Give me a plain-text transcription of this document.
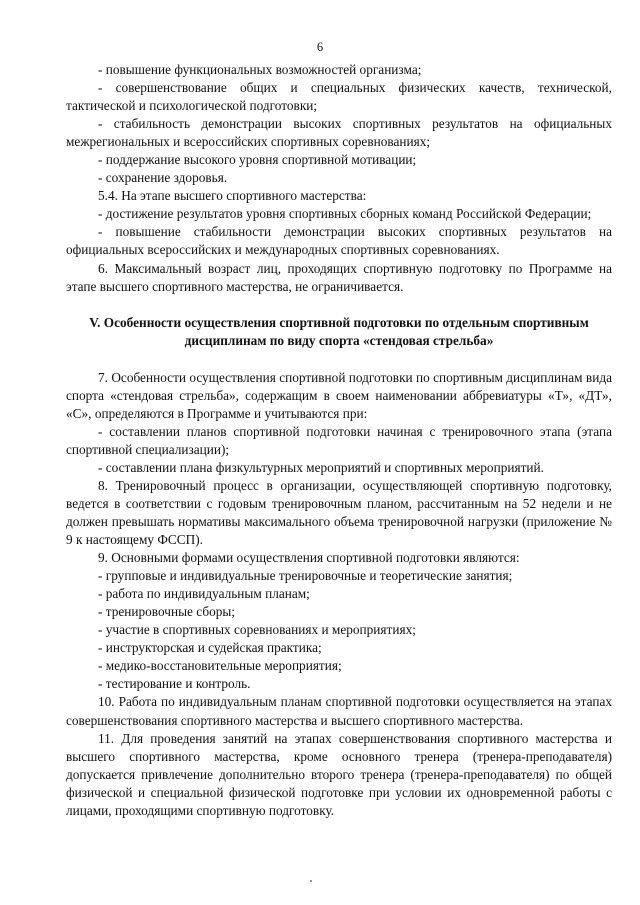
6

- повышение функциональных возможностей организма;

- совершенствование общих и специальных физических качеств, технической, тактической и психологической подготовки;

- стабильность демонстрации высоких спортивных результатов на официальных межрегиональных и всероссийских спортивных соревнованиях;

- поддержание высокого уровня спортивной мотивации;

- сохранение здоровья.

5.4. На этапе высшего спортивного мастерства:

- достижение результатов уровня спортивных сборных команд Российской Федерации;

- повышение стабильности демонстрации высоких спортивных результатов на официальных всероссийских и международных спортивных соревнованиях.

6. Максимальный возраст лиц, проходящих спортивную подготовку по Программе на этапе высшего спортивного мастерства, не ограничивается.

V. Особенности осуществления спортивной подготовки по отдельным спортивным дисциплинам по виду спорта «стендовая стрельба»

7. Особенности осуществления спортивной подготовки по спортивным дисциплинам вида спорта «стендовая стрельба», содержащим в своем наименовании аббревиатуры «Т», «ДТ», «С», определяются в Программе и учитываются при:

- составлении планов спортивной подготовки начиная с тренировочного этапа (этапа спортивной специализации);

- составлении плана физкультурных мероприятий и спортивных мероприятий.

8. Тренировочный процесс в организации, осуществляющей спортивную подготовку, ведется в соответствии с годовым тренировочным планом, рассчитанным на 52 недели и не должен превышать нормативы максимального объема тренировочной нагрузки (приложение № 9 к настоящему ФССП).

9. Основными формами осуществления спортивной подготовки являются:

- групповые и индивидуальные тренировочные и теоретические занятия;

- работа по индивидуальным планам;

- тренировочные сборы;

- участие в спортивных соревнованиях и мероприятиях;

- инструкторская и судейская практика;

- медико-восстановительные мероприятия;

- тестирование и контроль.

10. Работа по индивидуальным планам спортивной подготовки осуществляется на этапах совершенствования спортивного мастерства и высшего спортивного мастерства.

11. Для проведения занятий на этапах совершенствования спортивного мастерства и высшего спортивного мастерства, кроме основного тренера (тренера-преподавателя) допускается привлечение дополнительно второго тренера (тренера-преподавателя) по общей физической и специальной физической подготовке при условии их одновременной работы с лицами, проходящими спортивную подготовку.
